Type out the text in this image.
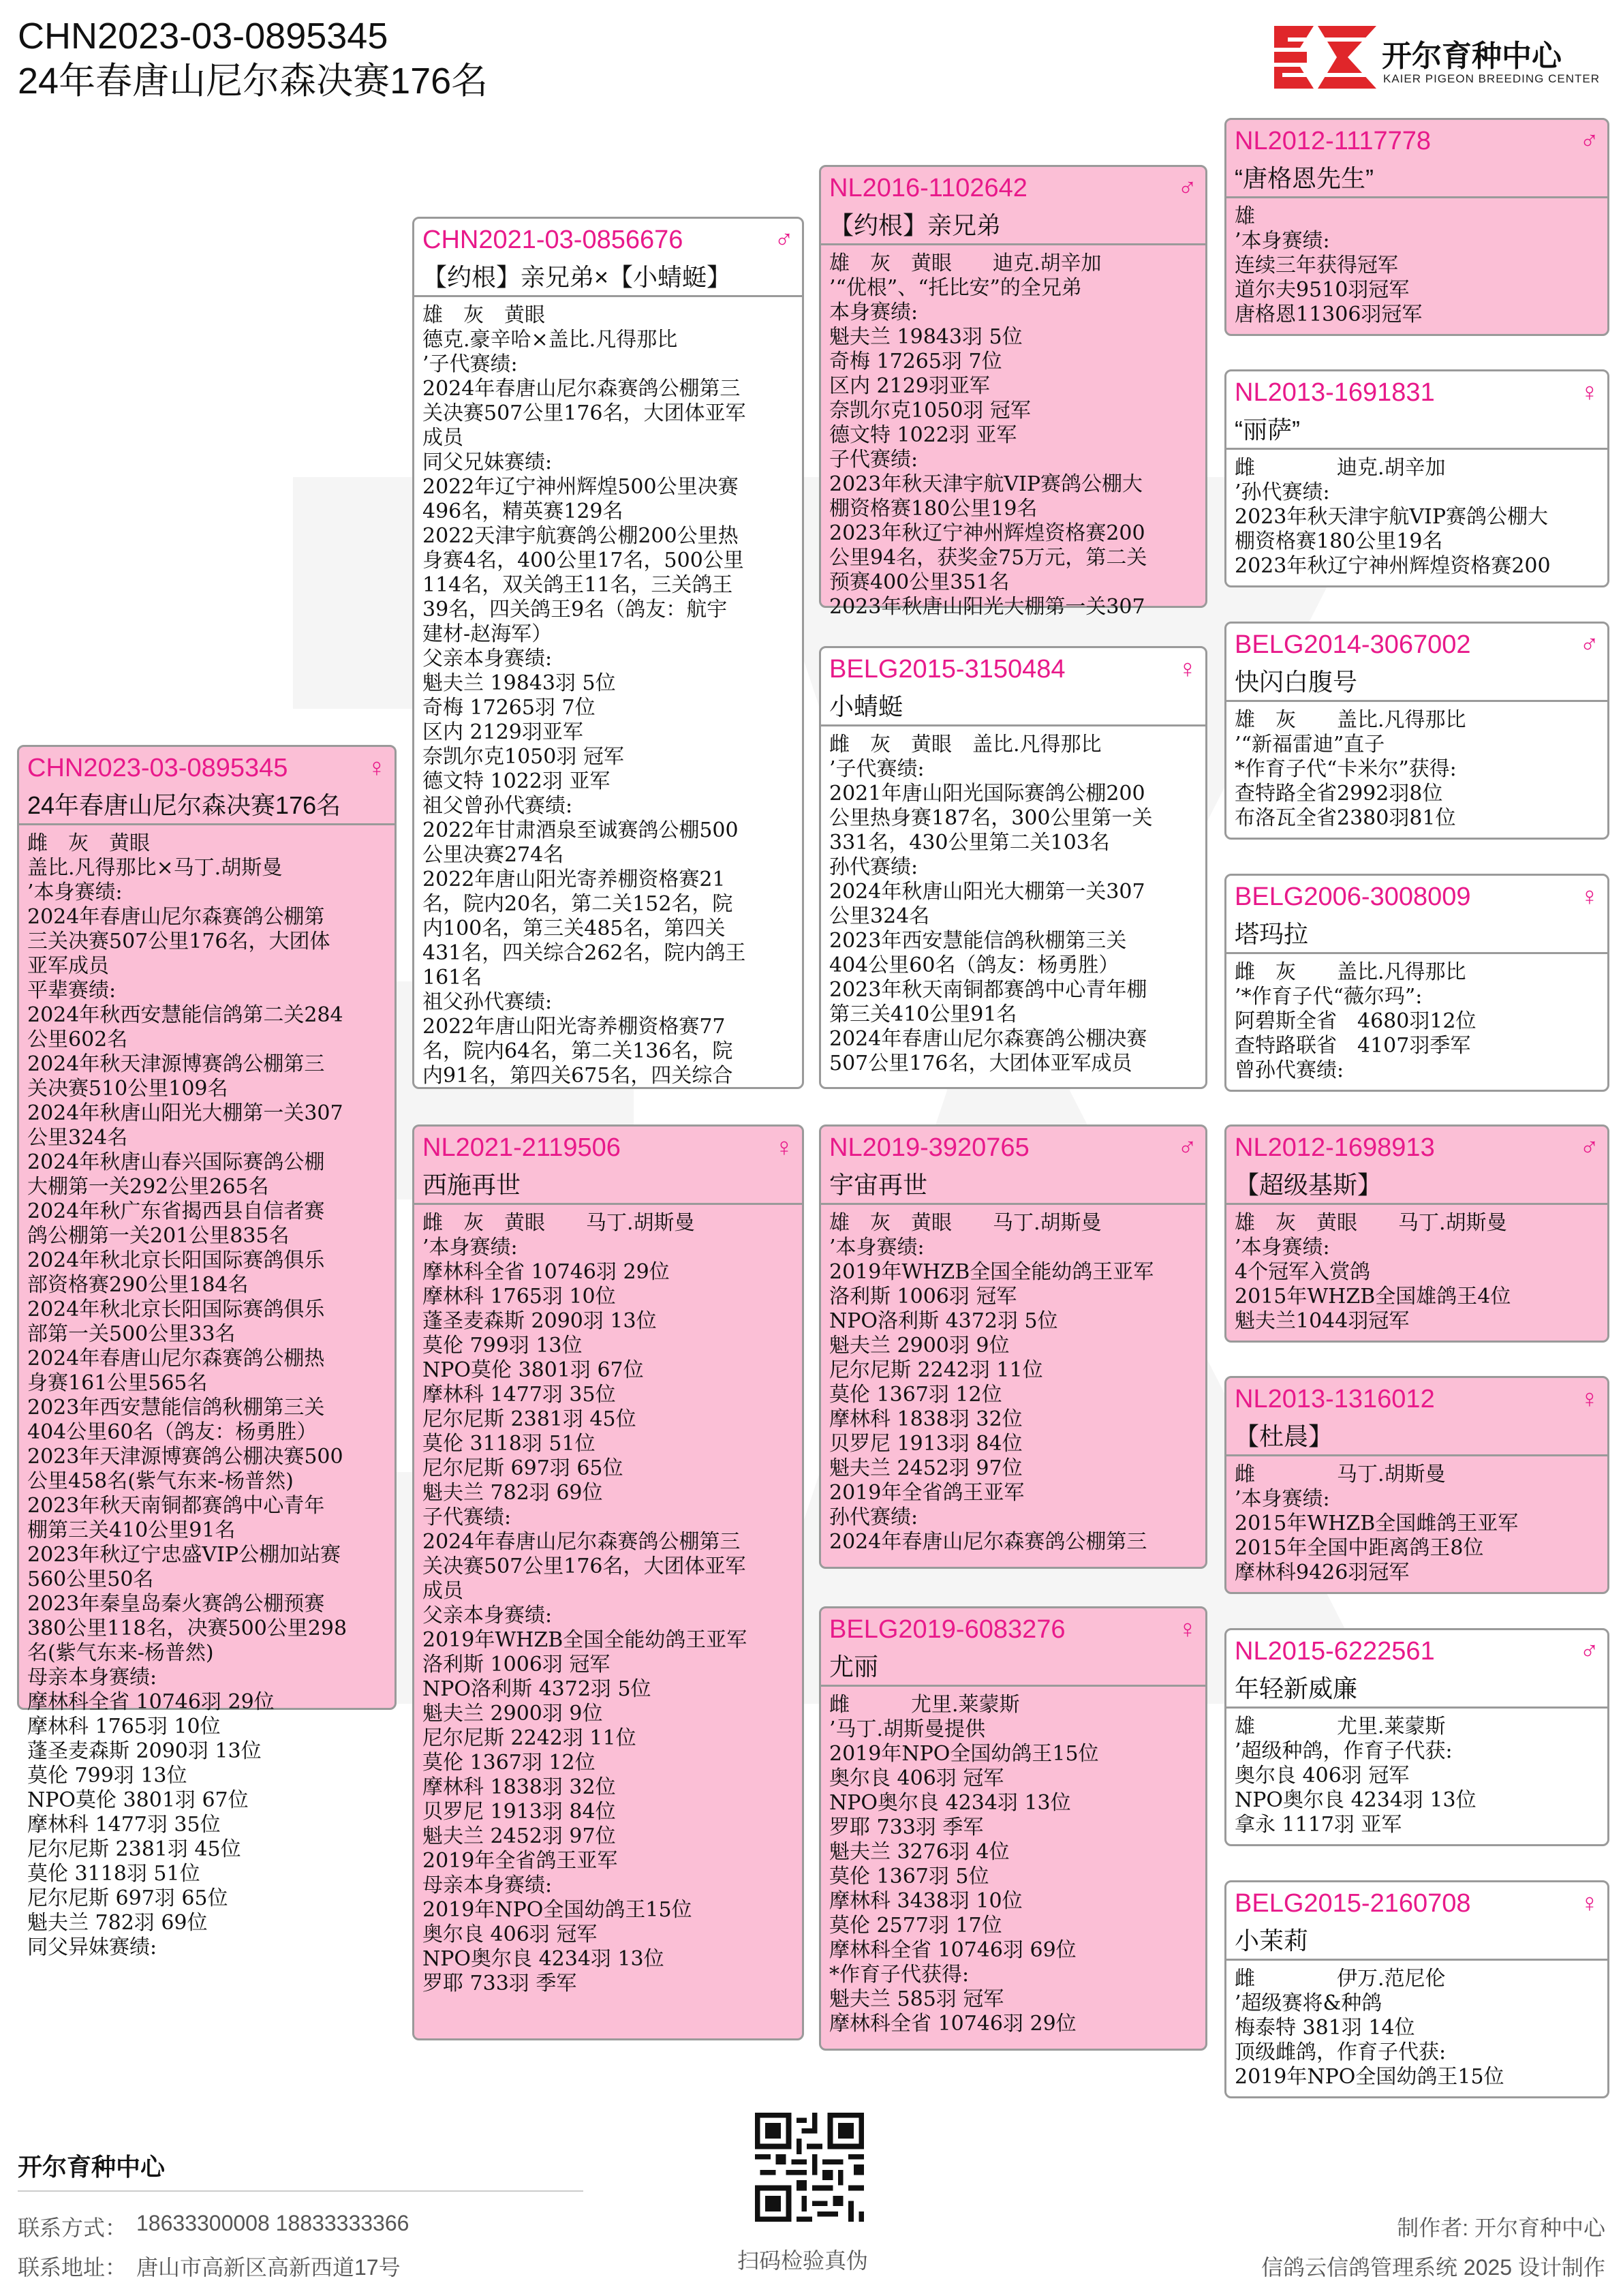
CHN2023-03-0895345
24年春唐山尼尔森决赛176名
开尔育种中心
KAIER PIGEON BREEDING CENTER
CHN2023-03-0895345	♀
24年春唐山尼尔森决赛176名
雌　灰　黄眼
盖比.凡得那比×马丁.胡斯曼
’本身赛绩:
2024年春唐山尼尔森赛鸽公棚第
三关决赛507公里176名，大团体
亚军成员
平辈赛绩:
2024年秋西安慧能信鸽第二关284
公里602名
2024年秋天津源博赛鸽公棚第三
关决赛510公里109名
2024年秋唐山阳光大棚第一关307
公里324名
2024年秋唐山春兴国际赛鸽公棚
大棚第一关292公里265名
2024年秋广东省揭西县自信者赛
鸽公棚第一关201公里835名
2024年秋北京长阳国际赛鸽俱乐
部资格赛290公里184名
2024年秋北京长阳国际赛鸽俱乐
部第一关500公里33名
2024年春唐山尼尔森赛鸽公棚热
身赛161公里565名
2023年西安慧能信鸽秋棚第三关
404公里60名（鸽友：杨勇胜）
2023年天津源博赛鸽公棚决赛500
公里458名(紫气东来-杨普然)
2023年秋天南铜都赛鸽中心青年
棚第三关410公里91名
2023年秋辽宁忠盛VIP公棚加站赛
560公里50名
2023年秦皇岛秦火赛鸽公棚预赛
380公里118名，决赛500公里298
名(紫气东来-杨普然)
母亲本身赛绩:
摩林科全省 10746羽 29位
摩林科 1765羽 10位
蓬圣麦森斯 2090羽 13位
莫伦 799羽 13位
NPO莫伦 3801羽 67位
摩林科 1477羽 35位
尼尔尼斯 2381羽 45位
莫伦 3118羽 51位
尼尔尼斯 697羽 65位
魁夫兰 782羽 69位
同父异妹赛绩:
CHN2021-03-0856676	♂
【约根】亲兄弟×【小蜻蜓】
雄　灰　黄眼
德克.豪辛哈×盖比.凡得那比
’子代赛绩:
2024年春唐山尼尔森赛鸽公棚第三
关决赛507公里176名，大团体亚军
成员
同父兄妹赛绩:
2022年辽宁神州辉煌500公里决赛
496名，精英赛129名
2022天津宇航赛鸽公棚200公里热
身赛4名，400公里17名，500公里
114名，双关鸽王11名，三关鸽王
39名，四关鸽王9名（鸽友：航宇
建材-赵海军）
父亲本身赛绩:
魁夫兰 19843羽 5位
奇梅 17265羽 7位
区内 2129羽亚军
奈凯尔克1050羽 冠军
德文特 1022羽 亚军
祖父曾孙代赛绩:
2022年甘肃酒泉至诚赛鸽公棚500
公里决赛274名
2022年唐山阳光寄养棚资格赛21
名，院内20名，第二关152名，院
内100名，第三关485名，第四关
431名，四关综合262名，院内鸽王
161名
祖父孙代赛绩:
2022年唐山阳光寄养棚资格赛77
名，院内64名，第二关136名，院
内91名，第四关675名，四关综合
NL2021-2119506	♀
西施再世
雌　灰　黄眼　　马丁.胡斯曼
’本身赛绩:
摩林科全省 10746羽 29位
摩林科 1765羽 10位
蓬圣麦森斯 2090羽 13位
莫伦 799羽 13位
NPO莫伦 3801羽 67位
摩林科 1477羽 35位
尼尔尼斯 2381羽 45位
莫伦 3118羽 51位
尼尔尼斯 697羽 65位
魁夫兰 782羽 69位
子代赛绩:
2024年春唐山尼尔森赛鸽公棚第三
关决赛507公里176名，大团体亚军
成员
父亲本身赛绩:
2019年WHZB全国全能幼鸽王亚军
洛利斯 1006羽 冠军
NPO洛利斯 4372羽 5位
魁夫兰 2900羽 9位
尼尔尼斯 2242羽 11位
莫伦 1367羽 12位
摩林科 1838羽 32位
贝罗尼 1913羽 84位
魁夫兰 2452羽 97位
2019年全省鸽王亚军
母亲本身赛绩:
2019年NPO全国幼鸽王15位
奥尔良 406羽 冠军
NPO奥尔良 4234羽 13位
罗耶 733羽 季军
NL2016-1102642	♂
【约根】亲兄弟
雄　灰　黄眼　　迪克.胡辛加
’“优根”、“托比安”的全兄弟
本身赛绩:
魁夫兰 19843羽 5位
奇梅 17265羽 7位
区内 2129羽亚军
奈凯尔克1050羽 冠军
德文特 1022羽 亚军
子代赛绩:
2023年秋天津宇航VIP赛鸽公棚大
棚资格赛180公里19名
2023年秋辽宁神州辉煌资格赛200
公里94名，获奖金75万元，第二关
预赛400公里351名
2023年秋唐山阳光大棚第一关307
BELG2015-3150484	♀
小蜻蜓
雌　灰　黄眼　盖比.凡得那比
’子代赛绩:
2021年唐山阳光国际赛鸽公棚200
公里热身赛187名，300公里第一关
331名，430公里第二关103名
孙代赛绩:
2024年秋唐山阳光大棚第一关307
公里324名
2023年西安慧能信鸽秋棚第三关
404公里60名（鸽友：杨勇胜）
2023年秋天南铜都赛鸽中心青年棚
第三关410公里91名
2024年春唐山尼尔森赛鸽公棚决赛
507公里176名，大团体亚军成员
NL2019-3920765	♂
宇宙再世
雄　灰　黄眼　　马丁.胡斯曼
’本身赛绩:
2019年WHZB全国全能幼鸽王亚军
洛利斯 1006羽 冠军
NPO洛利斯 4372羽 5位
魁夫兰 2900羽 9位
尼尔尼斯 2242羽 11位
莫伦 1367羽 12位
摩林科 1838羽 32位
贝罗尼 1913羽 84位
魁夫兰 2452羽 97位
2019年全省鸽王亚军
孙代赛绩:
2024年春唐山尼尔森赛鸽公棚第三
BELG2019-6083276	♀
尤丽
雌　　　尤里.莱蒙斯
’马丁.胡斯曼提供
2019年NPO全国幼鸽王15位
奥尔良 406羽 冠军
NPO奥尔良 4234羽 13位
罗耶 733羽 季军
魁夫兰 3276羽 4位
莫伦 1367羽 5位
摩林科 3438羽 10位
莫伦 2577羽 17位
摩林科全省 10746羽 69位
*作育子代获得:
魁夫兰 585羽 冠军
摩林科全省 10746羽 29位
NL2012-1117778	♂
“唐格恩先生”
雄
’本身赛绩:
连续三年获得冠军
道尔夫9510羽冠军
唐格恩11306羽冠军
NL2013-1691831	♀
“丽萨”
雌　　　　迪克.胡辛加
’孙代赛绩:
2023年秋天津宇航VIP赛鸽公棚大
棚资格赛180公里19名
2023年秋辽宁神州辉煌资格赛200
BELG2014-3067002	♂
快闪白腹号
雄　灰　　盖比.凡得那比
’“新福雷迪”直子
*作育子代“卡米尔”获得:
查特路全省2992羽8位
布洛瓦全省2380羽81位
BELG2006-3008009	♀
塔玛拉
雌　灰　　盖比.凡得那比
’*作育子代“薇尔玛”:
阿碧斯全省　4680羽12位
查特路联省　4107羽季军
曾孙代赛绩:
NL2012-1698913	♂
【超级基斯】
雄　灰　黄眼　　马丁.胡斯曼
’本身赛绩:
4个冠军入赏鸽
2015年WHZB全国雄鸽王4位
魁夫兰1044羽冠军
NL2013-1316012	♀
【杜晨】
雌　　　　马丁.胡斯曼
’本身赛绩:
2015年WHZB全国雌鸽王亚军
2015年全国中距离鸽王8位
摩林科9426羽冠军
NL2015-6222561	♂
年轻新威廉
雄　　　　尤里.莱蒙斯
’超级种鸽，作育子代获:
奥尔良 406羽 冠军
NPO奥尔良 4234羽 13位
拿永 1117羽 亚军
BELG2015-2160708	♀
小茉莉
雌　　　　伊万.范尼伦
’超级赛将&种鸽
梅泰特 381羽 14位
顶级雌鸽，作育子代获:
2019年NPO全国幼鸽王15位
开尔育种中心
联系方式： 18633300008 18833333366
联系地址： 唐山市高新区高新西道17号	扫码检验真伪
制作者: 开尔育种中心
信鸽云信鸽管理系统 2025 设计制作
